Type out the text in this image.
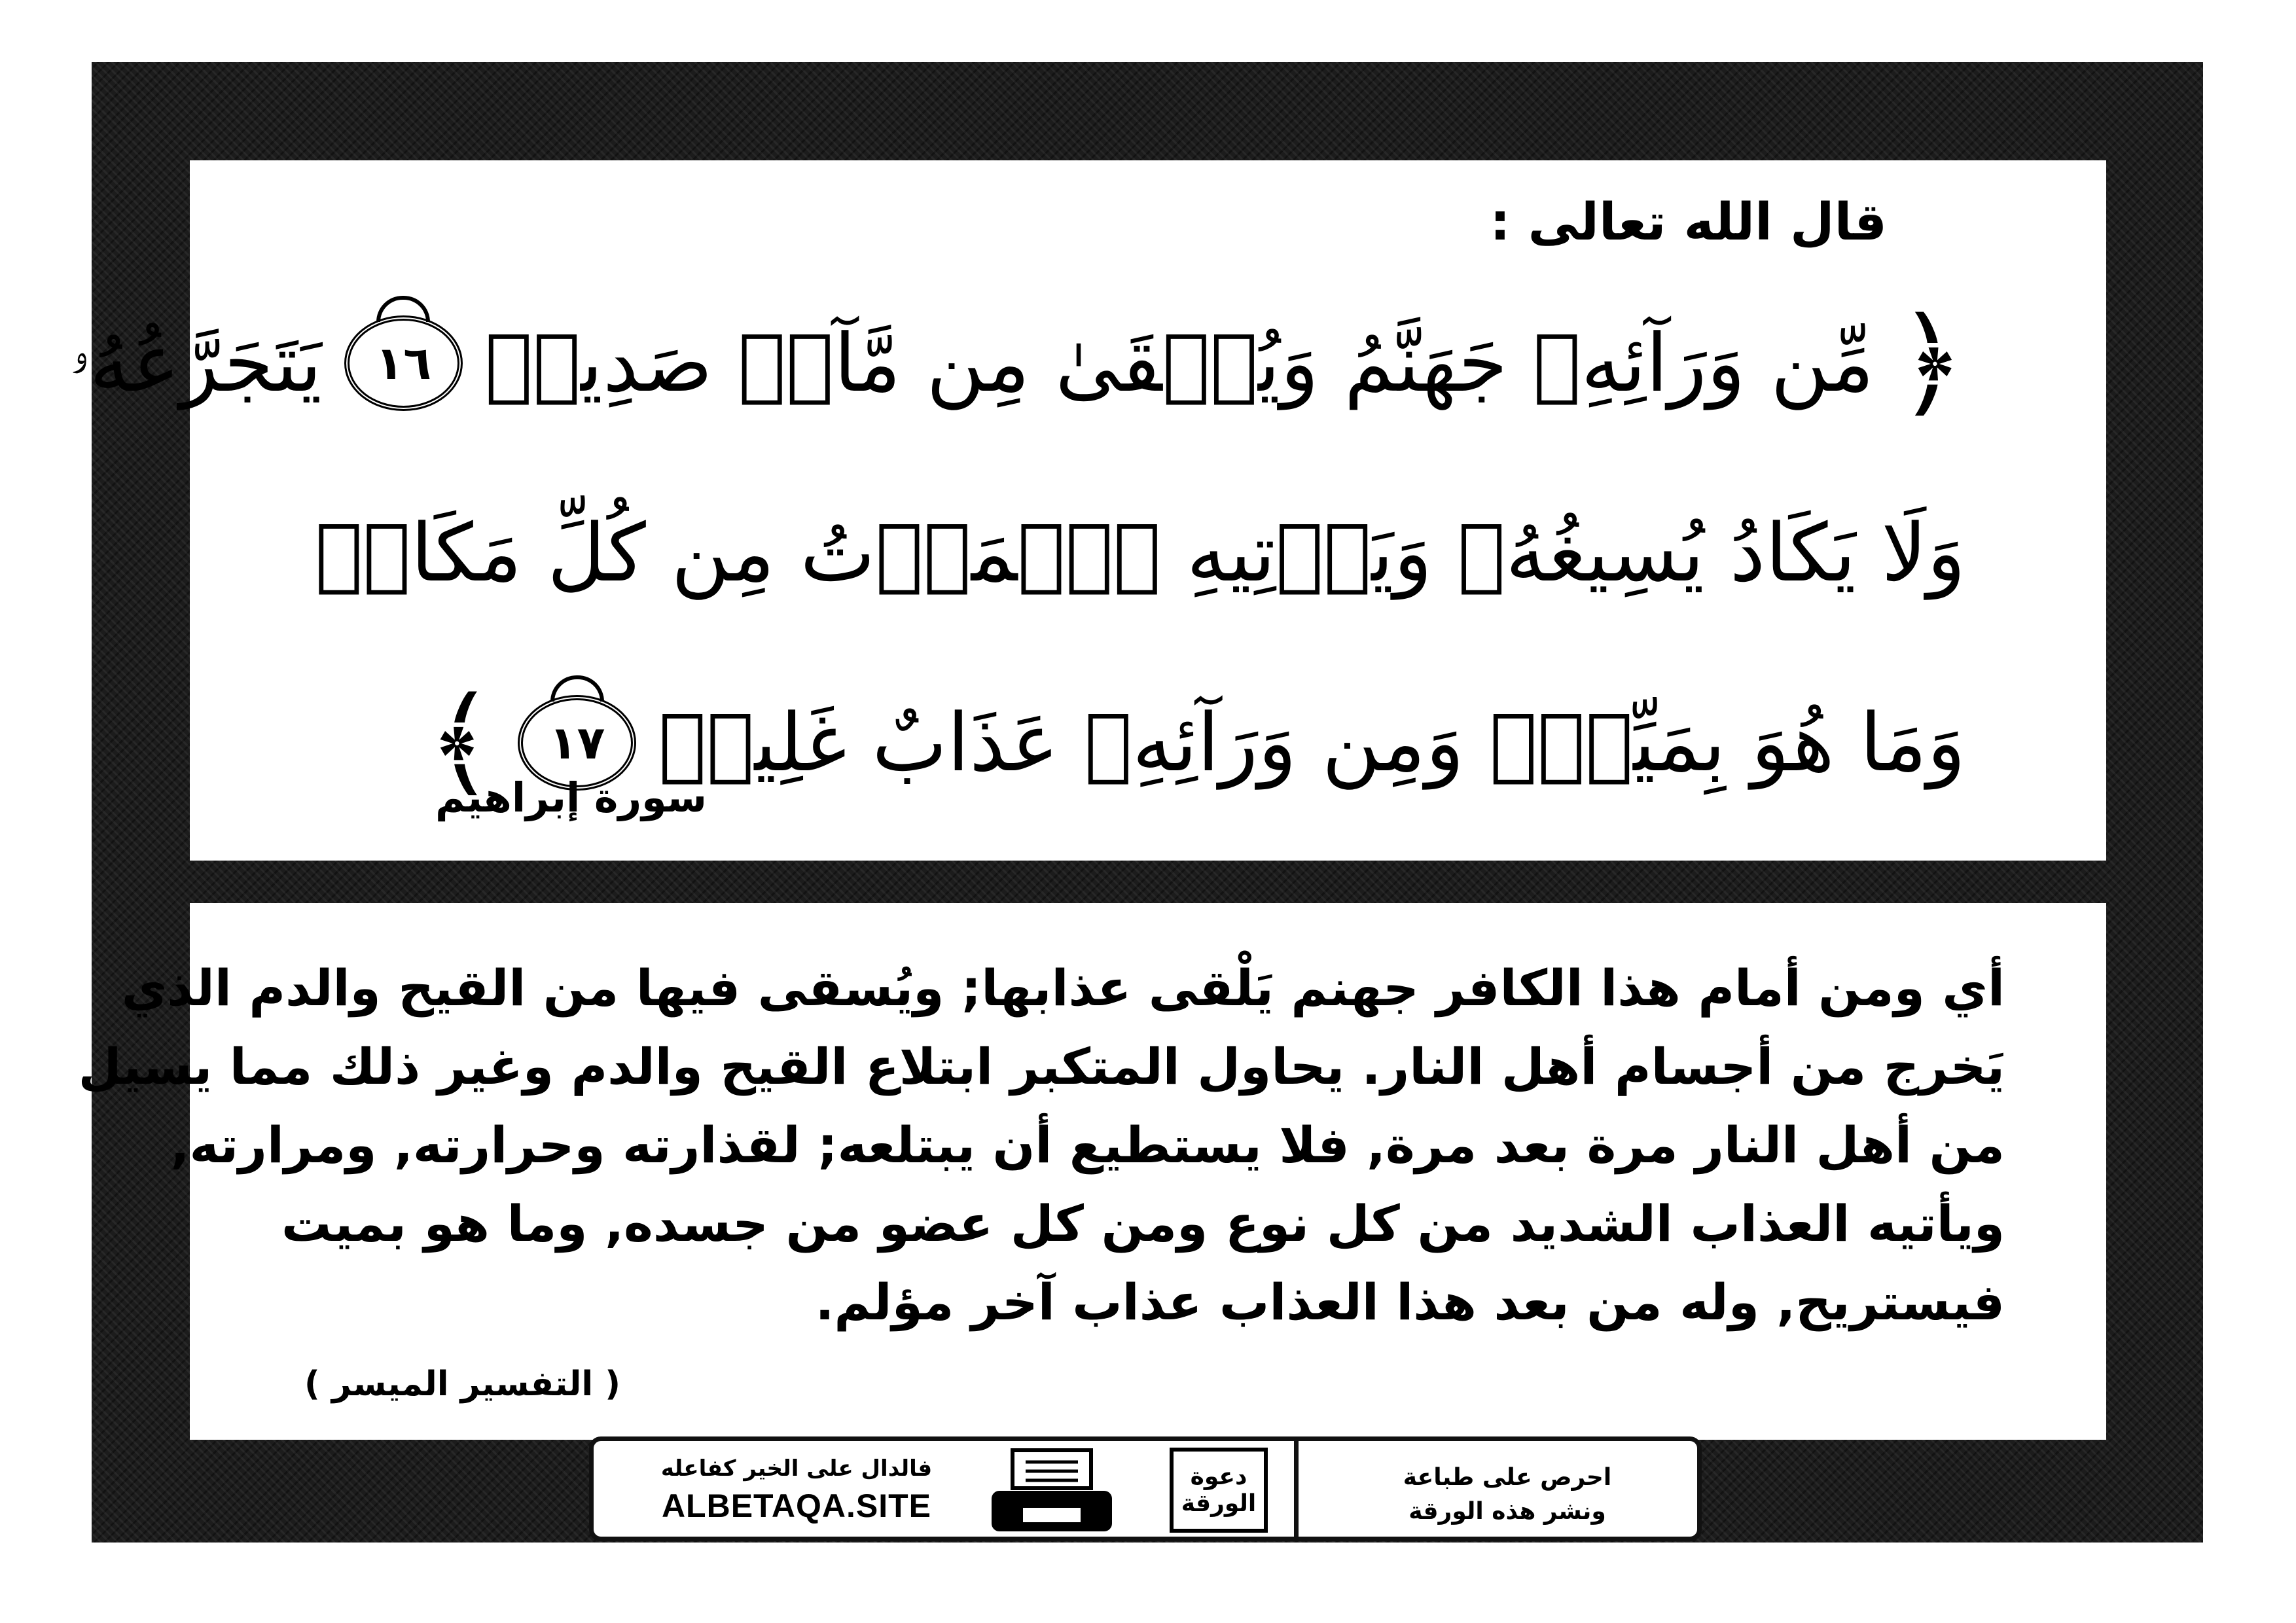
قال الله تعالى :

﴿
مِّن وَرَآئِهِۦ جَهَنَّمُ وَيُسۡقَىٰ مِن مَّآءٖ صَدِيدٖ
١٦
يَتَجَرَّعُهُۥ
وَلَا يَكَادُ يُسِيغُهُۥ وَيَأۡتِيهِ ٱلۡمَوۡتُ مِن كُلِّ مَكَانٖ
وَمَا هُوَ بِمَيِّتٖۖ وَمِن وَرَآئِهِۦ عَذَابٌ غَلِيظٞ
١٧
﴾

سورة إبراهيم

أي ومن أمام هذا الكافر جهنم يَلْقى عذابها; ويُسقى فيها من القيح والدم الذي
يَخرج من أجسام أهل النار. يحاول المتكبر ابتلاع القيح والدم وغير ذلك مما يسيل
من أهل النار مرة بعد مرة, فلا يستطيع أن يبتلعه; لقذارته وحرارته, ومرارته,
ويأتيه العذاب الشديد من كل نوع ومن كل عضو من جسده, وما هو بميت
فيستريح, وله من بعد هذا العذاب عذاب آخر مؤلم.

( التفسير الميسر )

فالدال على الخير كفاعله
ALBETAQA.SITE
دعوة
الورقة
احرص على طباعة
ونشر هذه الورقة
